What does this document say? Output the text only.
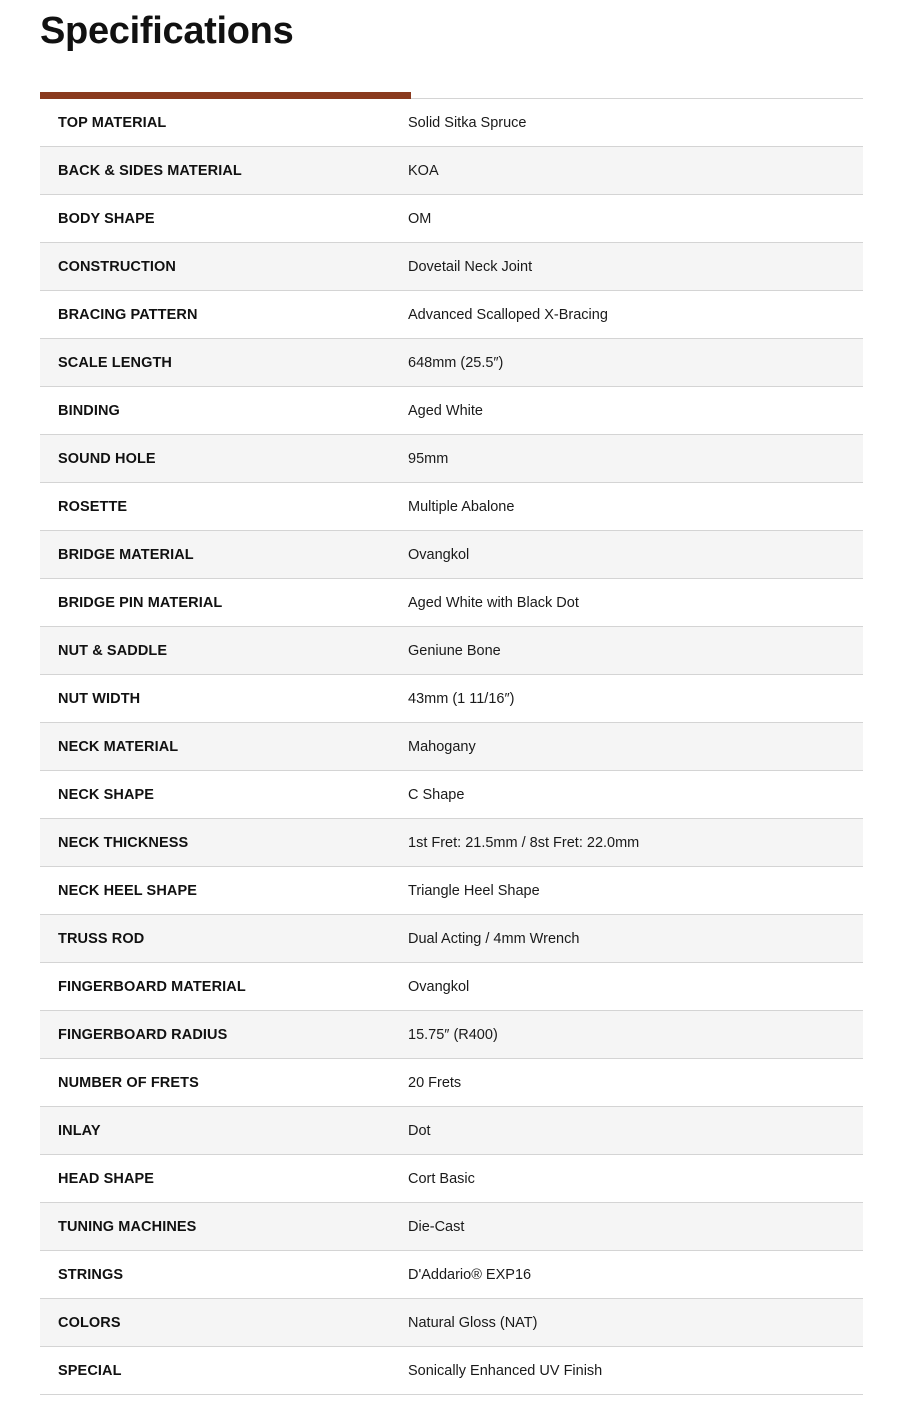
Specifications
TOP MATERIAL	Solid Sitka Spruce
BACK & SIDES MATERIAL	KOA
BODY SHAPE	OM
CONSTRUCTION	Dovetail Neck Joint
BRACING PATTERN	Advanced Scalloped X-Bracing
SCALE LENGTH	648mm (25.5″)
BINDING	Aged White
SOUND HOLE	95mm
ROSETTE	Multiple Abalone
BRIDGE MATERIAL	Ovangkol
BRIDGE PIN MATERIAL	Aged White with Black Dot
NUT & SADDLE	Geniune Bone
NUT WIDTH	43mm (1 11/16″)
NECK MATERIAL	Mahogany
NECK SHAPE	C Shape
NECK THICKNESS	1st Fret: 21.5mm / 8st Fret: 22.0mm
NECK HEEL SHAPE	Triangle Heel Shape
TRUSS ROD	Dual Acting / 4mm Wrench
FINGERBOARD MATERIAL	Ovangkol
FINGERBOARD RADIUS	15.75″ (R400)
NUMBER OF FRETS	20 Frets
INLAY	Dot
HEAD SHAPE	Cort Basic
TUNING MACHINES	Die-Cast
STRINGS	D'Addario® EXP16
COLORS	Natural Gloss (NAT)
SPECIAL	Sonically Enhanced UV Finish
